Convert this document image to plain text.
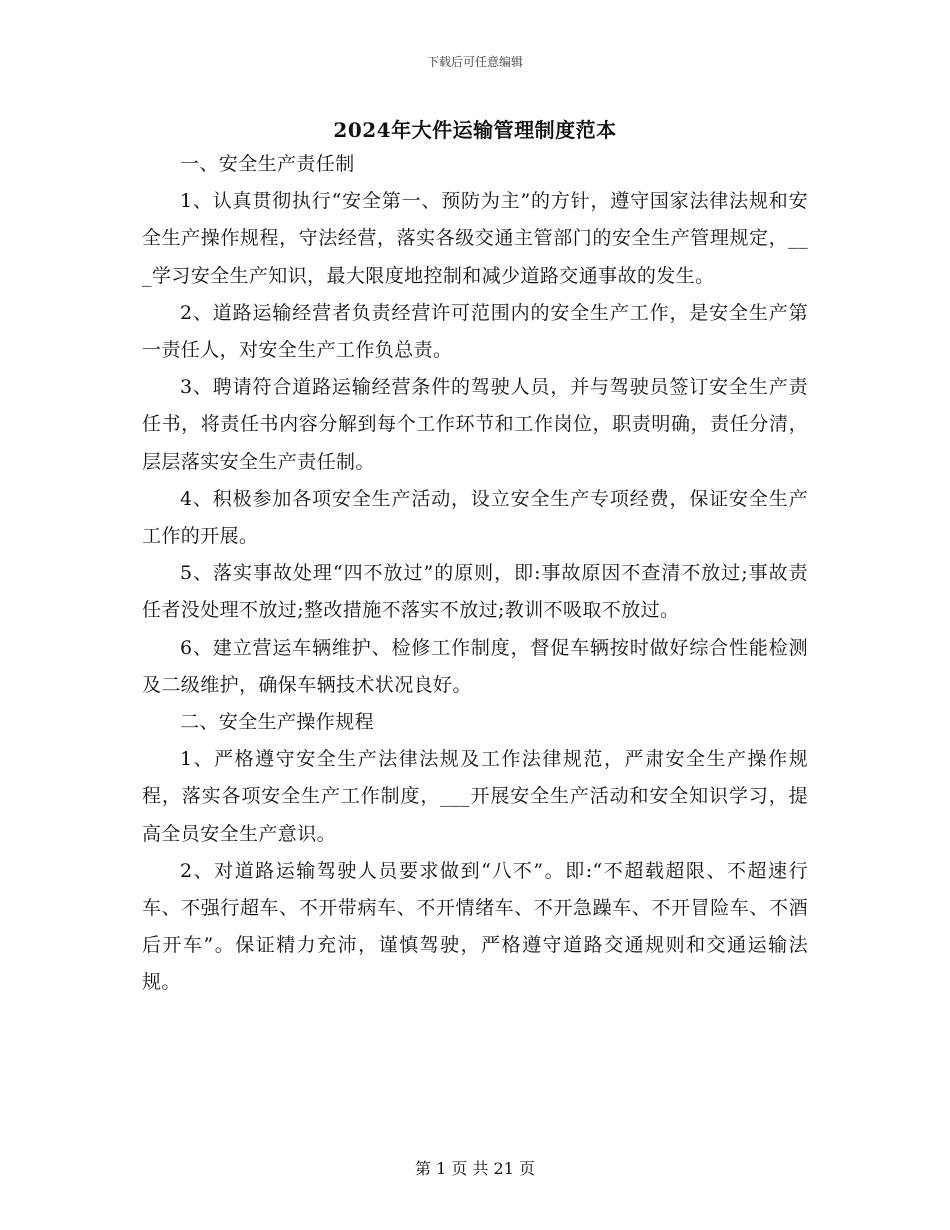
下载后可任意编辑
2024年大件运输管理制度范本

一、安全生产责任制

1、认真贯彻执行“安全第一、预防为主”的方针，遵守国家法律法规和安全生产操作规程，守法经营，落实各级交通主管部门的安全生产管理规定，___学习安全生产知识，最大限度地控制和减少道路交通事故的发生。

2、道路运输经营者负责经营许可范围内的安全生产工作，是安全生产第一责任人，对安全生产工作负总责。

3、聘请符合道路运输经营条件的驾驶人员，并与驾驶员签订安全生产责任书，将责任书内容分解到每个工作环节和工作岗位，职责明确，责任分清，层层落实安全生产责任制。

4、积极参加各项安全生产活动，设立安全生产专项经费，保证安全生产工作的开展。

5、落实事故处理“四不放过”的原则，即:事故原因不查清不放过;事故责任者没处理不放过;整改措施不落实不放过;教训不吸取不放过。

6、建立营运车辆维护、检修工作制度，督促车辆按时做好综合性能检测及二级维护，确保车辆技术状况良好。

二、安全生产操作规程

1、严格遵守安全生产法律法规及工作法律规范，严肃安全生产操作规程，落实各项安全生产工作制度，___开展安全生产活动和安全知识学习，提高全员安全生产意识。

2、对道路运输驾驶人员要求做到“八不”。即:“不超载超限、不超速行车、不强行超车、不开带病车、不开情绪车、不开急躁车、不开冒险车、不酒后开车”。保证精力充沛，谨慎驾驶，严格遵守道路交通规则和交通运输法规。

第 1 页 共 21 页
